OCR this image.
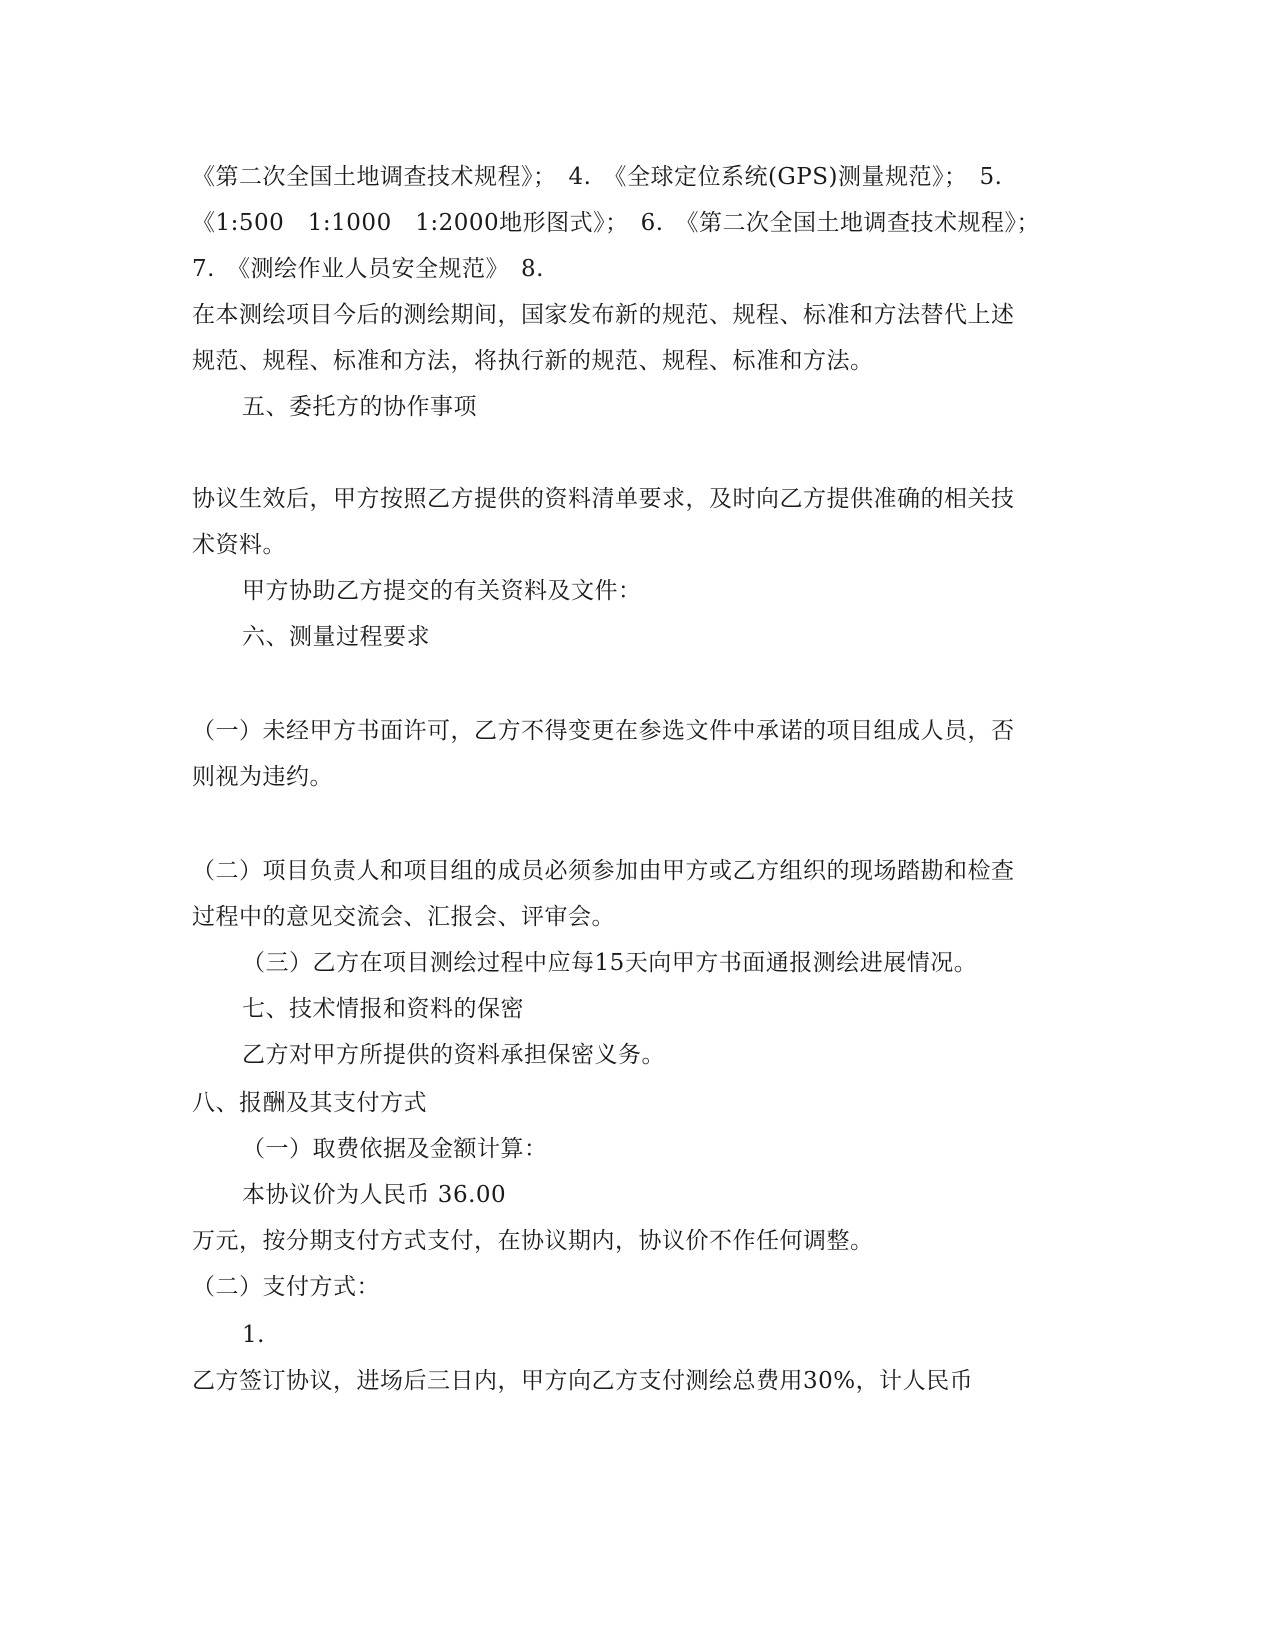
《第二次全国土地调查技术规程》；　4.　《全球定位系统(GPS)测量规范》；　5.
《1:500　1:1000　1:2000地形图式》；　6.　《第二次全国土地调查技术规程》；
7.　《测绘作业人员安全规范》　8.
在本测绘项目今后的测绘期间，国家发布新的规范、规程、标准和方法替代上述
规范、规程、标准和方法，将执行新的规范、规程、标准和方法。
五、委托方的协作事项
协议生效后，甲方按照乙方提供的资料清单要求，及时向乙方提供准确的相关技
术资料。
甲方协助乙方提交的有关资料及文件：
六、测量过程要求
（一）未经甲方书面许可，乙方不得变更在参选文件中承诺的项目组成人员，否
则视为违约。
（二）项目负责人和项目组的成员必须参加由甲方或乙方组织的现场踏勘和检查
过程中的意见交流会、汇报会、评审会。
（三）乙方在项目测绘过程中应每15天向甲方书面通报测绘进展情况。
七、技术情报和资料的保密
乙方对甲方所提供的资料承担保密义务。
八、报酬及其支付方式
（一）取费依据及金额计算：
本协议价为人民币 36.00
万元，按分期支付方式支付，在协议期内，协议价不作任何调整。
（二）支付方式：
1.
乙方签订协议，进场后三日内，甲方向乙方支付测绘总费用30%，计人民币
